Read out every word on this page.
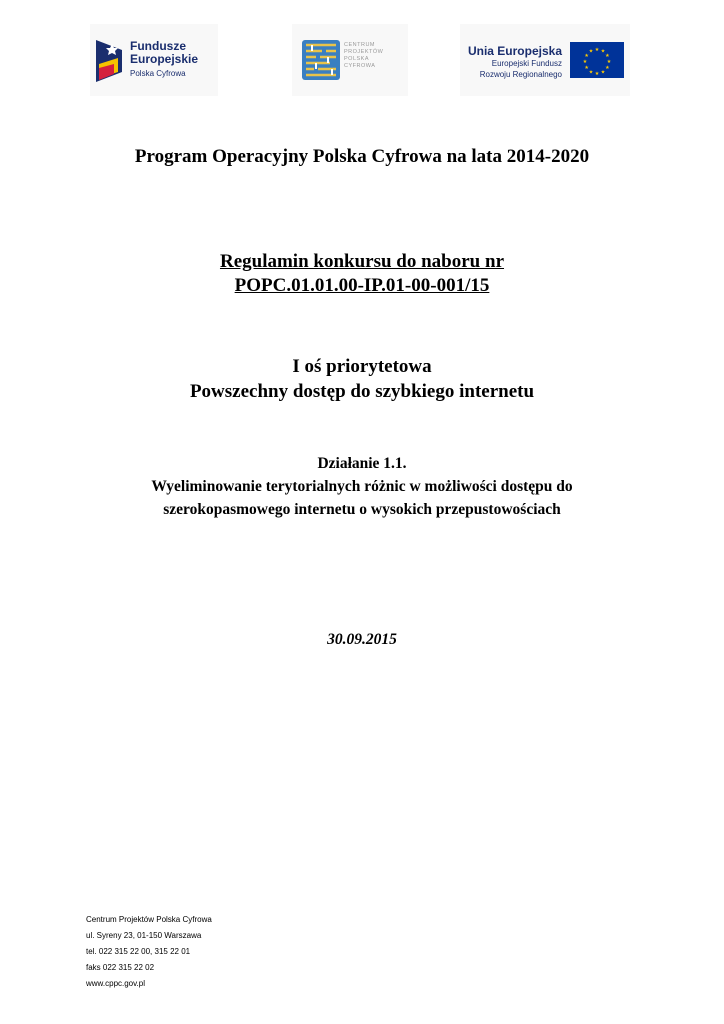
Fundusze
Europejskie
Polska Cyfrowa
CENTRUM
PROJEKTÓW
POLSKA
CYFROWA
Unia Europejska
Europejski Fundusz
Rozwoju Regionalnego
★ ★
★
★
★
★
★
★
★
★
★
★
Program Operacyjny Polska Cyfrowa na lata 2014-2020
Regulamin konkursu do naboru nr
POPC.01.01.00-IP.01-00-001/15
I oś priorytetowa
Powszechny dostęp do szybkiego internetu
Działanie 1.1.
Wyeliminowanie terytorialnych różnic w możliwości dostępu do
szerokopasmowego internetu o wysokich przepustowościach
30.09.2015
Centrum Projektów Polska Cyfrowa
ul. Syreny 23, 01-150 Warszawa
tel. 022 315 22 00, 315 22 01
faks 022 315 22 02
www.cppc.gov.pl
